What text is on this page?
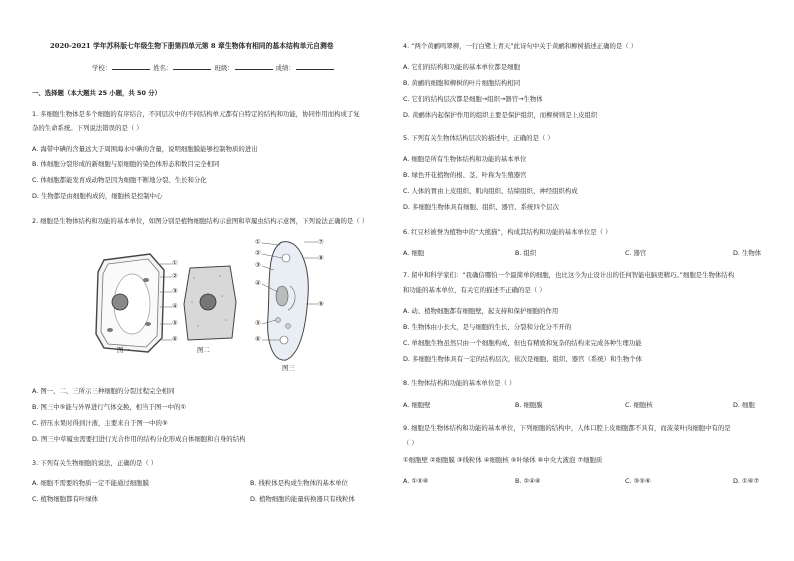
2020-2021 学年苏科版七年级生物下册第四单元第 8 章生物体有相同的基本结构单元自测卷
学校：	姓名：	班级：	成绩：
一、选择题（本大题共 25 小题，共 50 分）
1. 多细胞生物体是多个细胞的有序结合，不同层次中的不同结构单元都有自特定的结构和功能，协同作用而构成了复
杂的生命系统。下列说法错误的是（ ）
A. 海带中碘的含量远大于周围海水中碘的含量，说明细胞膜能够控制物质的进出
B. 体细胞分裂形成的新细胞与原细胞的染色体形态和数目完全相同
C. 体细胞都能发育成动物是因为细胞不断地分裂、生长和分化
D. 生物都是由细胞构成的，细胞核是控制中心
2. 细胞是生物体结构和功能的基本单位，如图分别是植物细胞结构示意图和草履虫结构示意图，下列说法正确的是（ ）
①
②
③
④
⑤
⑥
图一	图二
①
②
③
④
⑤
⑥
⑦
⑧
⑨
图三
A. 图一、二、三所示三种细胞的分裂过程完全相同
B. 图三中⑤能与外界进行气体交换，相当于图一中的①
C. 挤压水果时得到汁液，主要来自于图一中的⑤
D. 图三中草履虫需要扫进行光合作用的结构分化形成自体细胞和自身的结构
3. 下列有关生物细胞的说法，正确的是（ ）
A. 细胞不需要的物质一定不能通过细胞膜	B. 线粒体是构成生物体的基本单位
C. 植物细胞都有叶绿体	D. 植物细胞的能量转换器只有线粒体
4. “两个黄鹂鸣翠柳，一行白鹭上青天”此诗句中关于黄鹂和柳树描述正确的是（ ）
A. 它们的结构和功能的基本单位都是细胞
B. 黄鹂的细胞和柳树的叶片细胞结构相同
C. 它们的结构层次都是细胞→组织→器官→生物体
D. 黄鹂体内起保护作用的组织主要是保护组织，而柳树则是上皮组织
5. 下列有关生物体结构层次的描述中，正确的是（ ）
A. 细胞是所有生物体结构和功能的基本单位
B. 绿色开花植物的根、茎、叶称为生殖器官
C. 人体的胃由上皮组织、肌肉组织、结缔组织、神经组织构成
D. 多细胞生物体具有细胞、组织、器官、系统四个层次
6. 红豆杉被誉为植物中的“大熊猫”，构成其结构和功能的基本单位是（ ）
A. 细胞	B. 组织	C. 器官	D. 生物体
7. 留申和科学家们：“我确信哪怕一个最简单的细胞，也比这今为止设计出的任何智能电脑更精巧。”细胞是生物体结构
和功能的基本单位，有关它的描述不正确的是（ ）
A. 动、植物细胞都有细胞壁，起支持和保护细胞的作用
B. 生物体由小长大，是与细胞的生长、分裂和分化分不开的
C. 单细胞生物虽然只由一个细胞构成，但也有精致和复杂的结构来完成各种生理功能
D. 多细胞生物体具有一定的结构层次，依次是细胞、组织、器官（系统）和生物个体
8. 生物体结构和功能的基本单位是（ ）
A. 细胞壁	B. 细胞膜	C. 细胞核	D. 细胞
9. 细胞是生物体结构和功能的基本单位，下列细胞的结构中，人体口腔上皮细胞都不具有，而菠菜叶肉细胞中有的是
（ ）
①细胞壁 ②细胞膜 ③线粒体 ④细胞核 ⑤叶绿体 ⑥中央大液泡 ⑦细胞质
A. ①⑤⑥	B. ②④⑥	C. ③⑤⑥	D. ①⑥⑦
